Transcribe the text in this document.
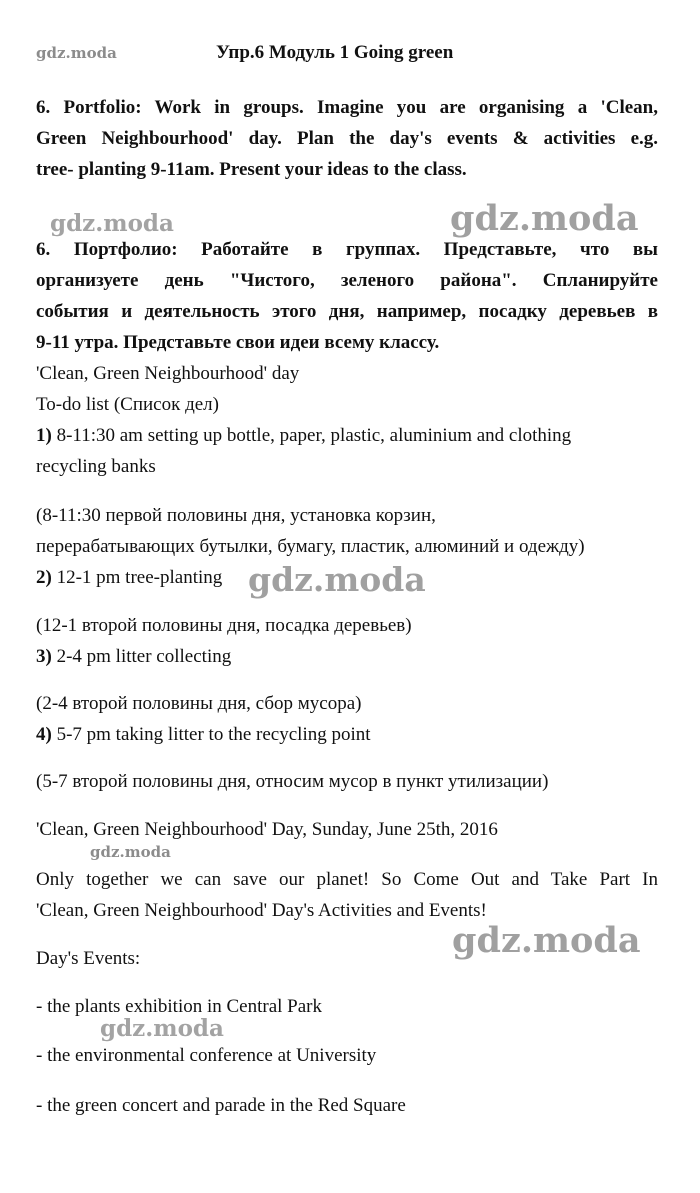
gdz.moda	Упр.6 Модуль 1 Going green
6. Portfolio: Work in groups. Imagine you are organising a 'Clean,
Green Neighbourhood' day. Plan the day's events & activities e.g.
tree- planting 9-11am. Present your ideas to the class.
gdz.moda	gdz.moda
6. Портфолио: Работайте в группах. Представьте, что вы
организуете день "Чистого, зеленого района". Спланируйте
события и деятельность этого дня, например, посадку деревьев в
9-11 утра. Представьте свои идеи всему классу.
'Clean, Green Neighbourhood' day
To-do list (Список дел)
1) 8-11:30 am setting up bottle, paper, plastic, aluminium and clothing
recycling banks
(8-11:30 первой половины дня, установка корзин,
перерабатывающих бутылки, бумагу, пластик, алюминий и одежду)
2) 12-1 pm tree-planting gdz.moda
(12-1 второй половины дня, посадка деревьев)
3) 2-4 pm litter collecting
(2-4 второй половины дня, сбор мусора)
4) 5-7 pm taking litter to the recycling point
(5-7 второй половины дня, относим мусор в пункт утилизации)
'Clean, Green Neighbourhood' Day, Sunday, June 25th, 2016
gdz.moda
Only together we can save our planet! So Come Out and Take Part In
'Clean, Green Neighbourhood' Day's Activities and Events!
gdz.moda
Day's Events:
- the plants exhibition in Central Park
gdz.moda
- the environmental conference at University
- the green concert and parade in the Red Square
